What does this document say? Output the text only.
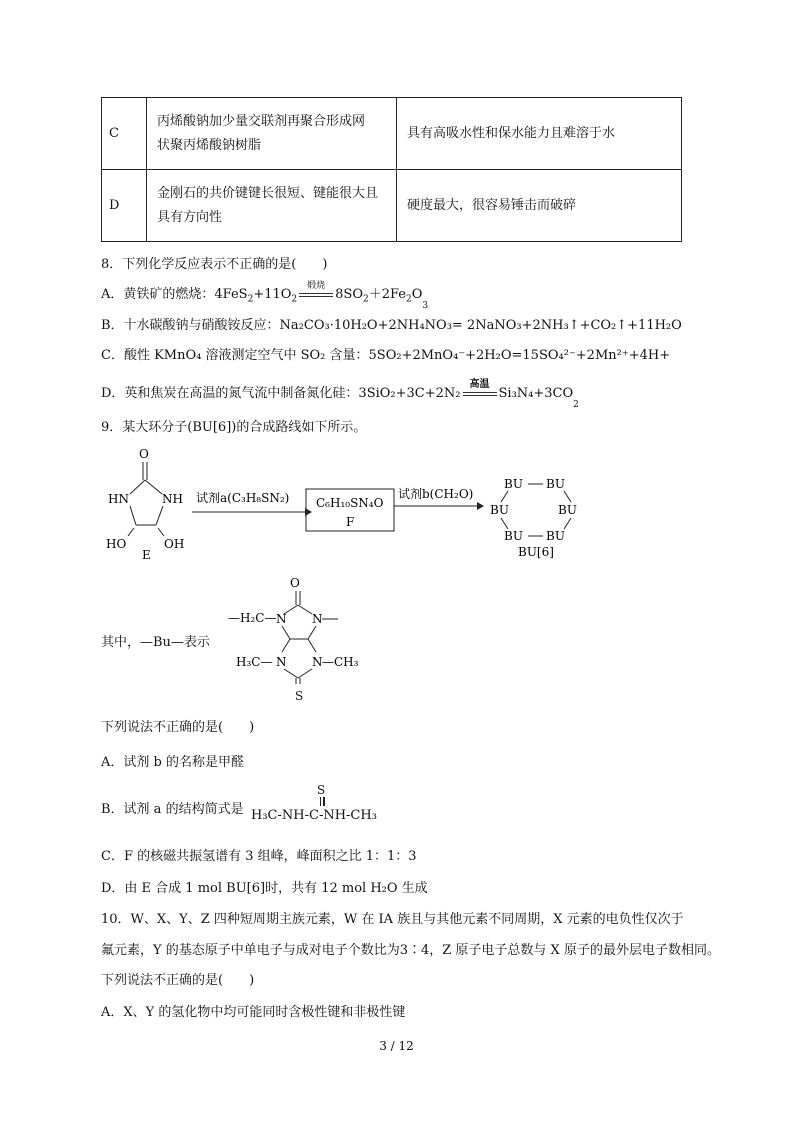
C	丙烯酸钠加少量交联剂再聚合形成网
状聚丙烯酸钠树脂	具有高吸水性和保水能力且难溶于水
D	金刚石的共价键键长很短、键能很大且
具有方向性	硬度最大，很容易锤击而破碎
8．下列化学反应表示不正确的是(　　)
A．黄铁矿的燃烧：$4FeS_2+11O_2$
煅烧
$8SO_2+2Fe_2O_3$
B．十水碳酸钠与硝酸铵反应：Na₂CO₃·10H₂O+2NH₄NO₃= 2NaNO₃+2NH₃↑+CO₂↑+11H₂O
C．酸性 KMnO₄ 溶液测定空气中 SO₂ 含量：5SO₂+2MnO₄⁻+2H₂O=15SO₄²⁻+2Mn²⁺+4H+
D．英和焦炭在高温的氮气流中制备氮化硅：3SiO₂+3C+2N₂
高温
$Si_3N_4+3CO_2$
9．某大环分子(BU[6])的合成路线如下所示。
O
HN	NH
HO	OH
E
试剂a(C₃H₈SN₂) C₆H₁₀SN₄O
F
试剂b(CH₂O)
BU BU
BU	BU
BU BU
BU[6]
其中，—Bu—表示
O
—H₂C— N N
H₃C— N N —CH₃
S
下列说法不正确的是(　　)
A．试剂 b 的名称是甲醛
B．试剂 a 的结构简式是
S
H₃C-NH-C-NH-CH₃
C．F 的核磁共振氢谱有 3 组峰，峰面积之比 1：1：3
D．由 E 合成 1 mol BU[6]时，共有 12 mol H₂O 生成
10．W、X、Y、Z 四种短周期主族元素，W 在 IA 族且与其他元素不同周期，X 元素的电负性仅次于
氟元素，Y 的基态原子中单电子与成对电子个数比为3∶4，Z 原子电子总数与 X 原子的最外层电子数相同。
下列说法不正确的是(　　)
A．X、Y 的氢化物中均可能同时含极性键和非极性键
3 / 12
